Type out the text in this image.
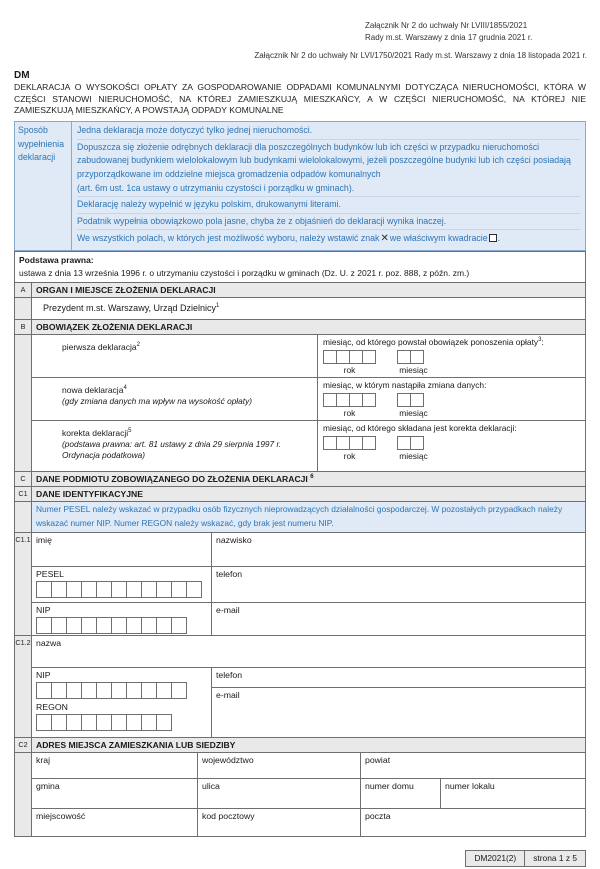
Załącznik Nr 2 do uchwały Nr LVIII/1855/2021
Rady m.st. Warszawy z dnia 17 grudnia 2021 r.
Załącznik Nr 2 do uchwały Nr LVI/1750/2021 Rady m.st. Warszawy z dnia 18 listopada 2021 r.
DM
DEKLARACJA O WYSOKOŚCI OPŁATY ZA GOSPODAROWANIE ODPADAMI KOMUNALNYMI DOTYCZĄCA NIERUCHOMOŚCI, KTÓRA W CZĘŚCI STANOWI NIERUCHOMOŚĆ, NA KTÓREJ ZAMIESZKUJĄ MIESZKAŃCY, A W CZĘŚCI NIERUCHOMOŚĆ, NA KTÓREJ NIE ZAMIESZKUJĄ MIESZKAŃCY, A POWSTAJĄ ODPADY KOMUNALNE
Sposób wypełnienia deklaracji
Jedna deklaracja może dotyczyć tylko jednej nieruchomości.
Dopuszcza się złożenie odrębnych deklaracji dla poszczególnych budynków lub ich części w przypadku nieruchomości zabudowanej budynkiem wielolokalowym lub budynkami wielolokalowymi, jeżeli poszczególne budynki lub ich części posiadają przyporządkowane im oddzielne miejsca gromadzenia odpadów komunalnych
(art. 6m ust. 1ca ustawy o utrzymaniu czystości i porządku w gminach).
Deklarację należy wypełnić w języku polskim, drukowanymi literami.
Podatnik wypełnia obowiązkowo pola jasne, chyba że z objaśnień do deklaracji wynika inaczej.
We wszystkich polach, w których jest możliwość wyboru, należy wstawić znak✕we właściwym kwadracie .
Podstawa prawna:
ustawa z dnia 13 września 1996 r. o utrzymaniu czystości i porządku w gminach (Dz. U. z 2021 r. poz. 888, z późn. zm.)
A	ORGAN I MIEJSCE ZŁOŻENIA DEKLARACJI
Prezydent m.st. Warszawy, Urząd Dzielnicy$^1$
B	OBOWIĄZEK ZŁOŻENIA DEKLARACJI
pierwsza deklaracja$^2$	miesiąc, od którego powstał obowiązek ponoszenia opłaty$^3$:
rok	miesiąc
nowa deklaracja$^4$
(gdy zmiana danych ma wpływ na wysokość opłaty)
miesiąc, w którym nastąpiła zmiana danych:
rok	miesiąc
korekta deklaracji$^5$
(podstawa prawna: art. 81 ustawy z dnia 29 sierpnia 1997 r. Ordynacja podatkowa)
miesiąc, od którego składana jest korekta deklaracji:
rok	miesiąc
C	DANE PODMIOTU ZOBOWIĄZANEGO DO ZŁOŻENIA DEKLARACJI $^6$
C1 DANE IDENTYFIKACYJNE
Numer PESEL należy wskazać w przypadku osób fizycznych nieprowadzących działalności gospodarczej. W pozostałych przypadkach należy wskazać numer NIP. Numer REGON należy wskazać, gdy brak jest numeru NIP.
C1.1 imię	nazwisko
PESEL	telefon
NIP	e-mail
C1.2 nazwa
NIP
REGON
telefon
e-mail
C2 ADRES MIEJSCA ZAMIESZKANIA LUB SIEDZIBY
kraj	województwo	powiat
gmina	ulica	numer domu	numer lokalu
miejscowość	kod pocztowy	poczta
DM2021(2)	strona 1 z 5
